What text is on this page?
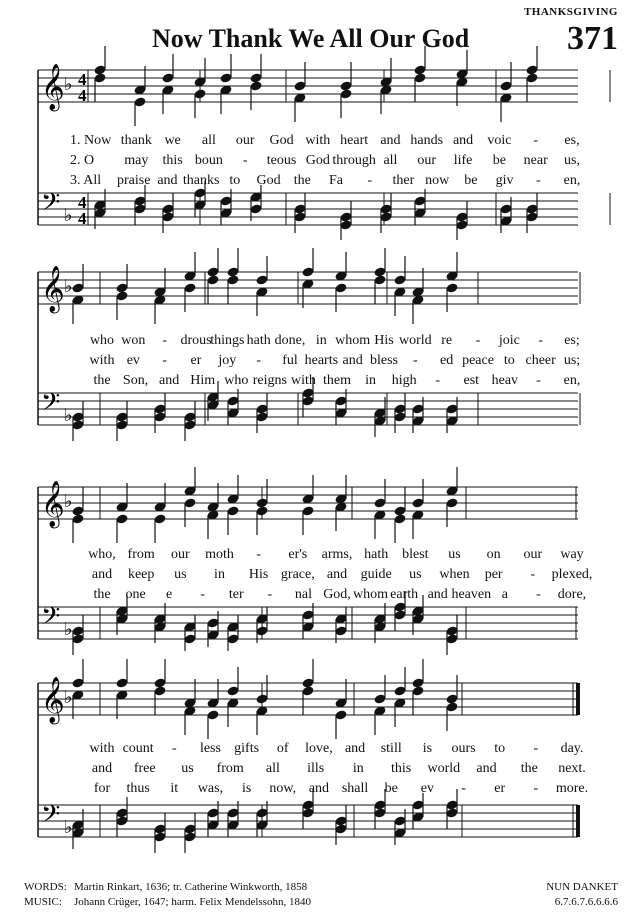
THANKSGIVING
Now Thank We All Our God	371
𝄞 ♭ 4
4
𝄢 ♭
4
4
𝄞 ♭
𝄢 ♭
𝄞 ♭
𝄢 ♭
𝄞 ♭
𝄢 ♭
WORDS: Martin Rinkart, 1636; tr. Catherine Winkworth, 1858
MUSIC: Johann Crüger, 1647; harm. Felix Mendelssohn, 1840
NUN DANKET
6.7.6.7.6.6.6.6
1. Now thank we all our God with heart and hands and voic - es,
2. O may this boun - teous God through all our life be near us,
3. All praise and thanks to God the Fa - ther now be giv - en,
who won - drous
things hath done, in whom His world re - joic - es;
with ev - er joy - ful hearts and bless - ed peace to cheer us;
the Son, and Him who reigns with them in high - est heav - en,
who, from our moth - er's arms, hath blest us on our way
and keep us in His grace, and guide us when per - plexed,
the one e - ter - nal God, whom earth and heaven a - dore,
with count - less gifts of love, and still is ours to - day.
and free us from all ills in this world and the next.
for thus it was, is now, and shall be ev - er - more.
